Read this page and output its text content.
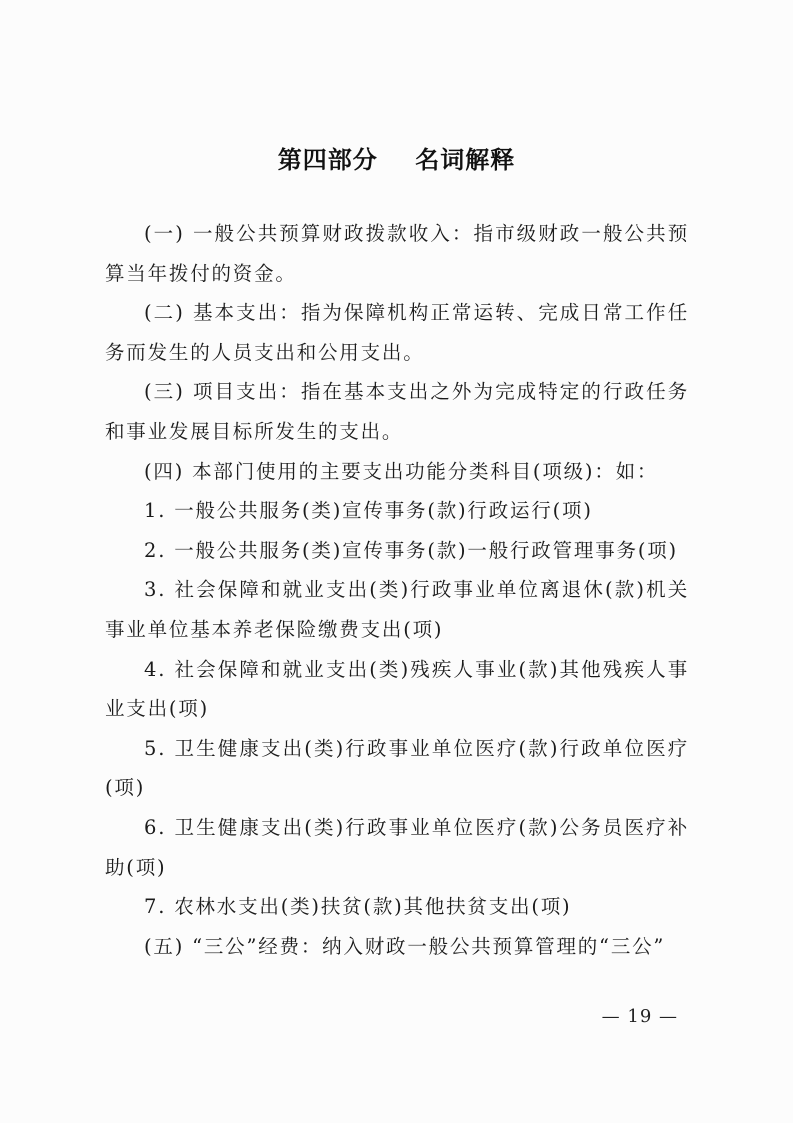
第四部分    名词解释

(一) 一般公共预算财政拨款收入：指市级财政一般公共预算当年拨付的资金。

(二) 基本支出：指为保障机构正常运转、完成日常工作任务而发生的人员支出和公用支出。

(三) 项目支出：指在基本支出之外为完成特定的行政任务和事业发展目标所发生的支出。

(四) 本部门使用的主要支出功能分类科目(项级)：如：

1. 一般公共服务(类)宣传事务(款)行政运行(项)

2. 一般公共服务(类)宣传事务(款)一般行政管理事务(项)

3. 社会保障和就业支出(类)行政事业单位离退休(款)机关事业单位基本养老保险缴费支出(项)

4. 社会保障和就业支出(类)残疾人事业(款)其他残疾人事业支出(项)

5. 卫生健康支出(类)行政事业单位医疗(款)行政单位医疗(项)

6. 卫生健康支出(类)行政事业单位医疗(款)公务员医疗补助(项)

7. 农林水支出(类)扶贫(款)其他扶贫支出(项)

(五) “三公”经费：纳入财政一般公共预算管理的“三公”

— 19 —
